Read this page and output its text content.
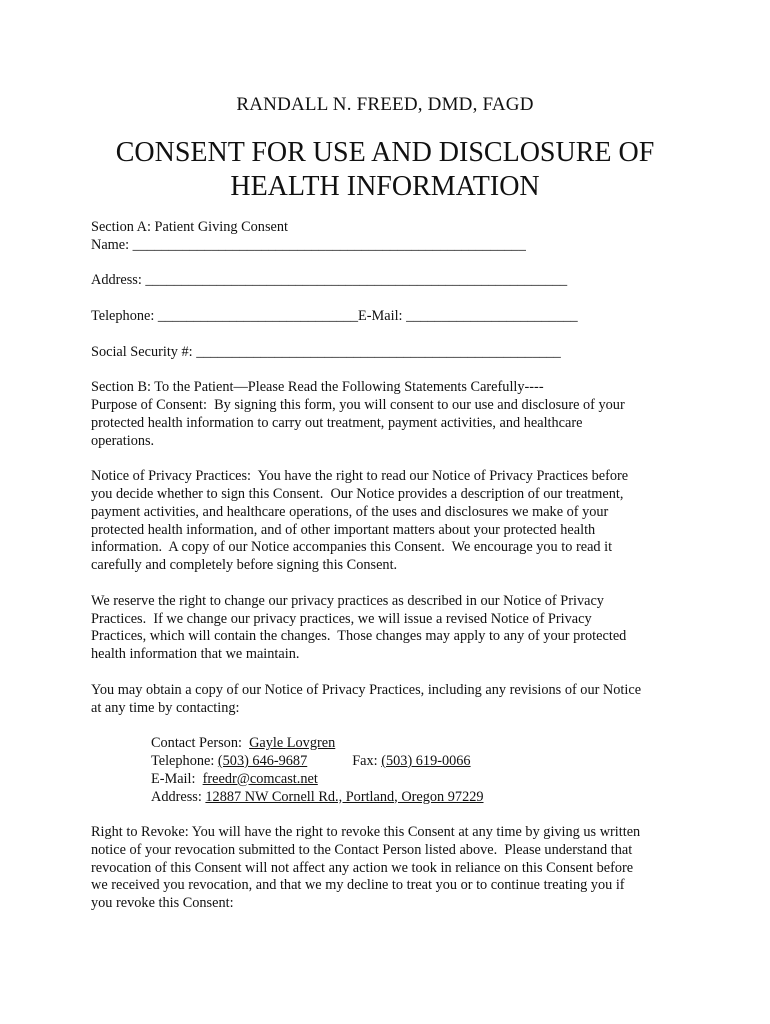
RANDALL N. FREED, DMD, FAGD
CONSENT FOR USE AND DISCLOSURE OF
HEALTH INFORMATION
Section A: Patient Giving Consent
Name: _______________________________________________________
Address: ___________________________________________________________
Telephone: ____________________________E-Mail: ________________________
Social Security #: ___________________________________________________
Section B: To the Patient—Please Read the Following Statements Carefully----
Purpose of Consent:  By signing this form, you will consent to our use and disclosure of your
protected health information to carry out treatment, payment activities, and healthcare
operations.
Notice of Privacy Practices:  You have the right to read our Notice of Privacy Practices before
you decide whether to sign this Consent.  Our Notice provides a description of our treatment,
payment activities, and healthcare operations, of the uses and disclosures we make of your
protected health information, and of other important matters about your protected health
information.  A copy of our Notice accompanies this Consent.  We encourage you to read it
carefully and completely before signing this Consent.
We reserve the right to change our privacy practices as described in our Notice of Privacy
Practices.  If we change our privacy practices, we will issue a revised Notice of Privacy
Practices, which will contain the changes.  Those changes may apply to any of your protected
health information that we maintain.
You may obtain a copy of our Notice of Privacy Practices, including any revisions of our Notice
at any time by contacting:
Contact Person:  Gayle Lovgren
Telephone: (503) 646-9687	Fax: (503) 619-0066
E-Mail:  freedr@comcast.net
Address: 12887 NW Cornell Rd., Portland, Oregon 97229
Right to Revoke: You will have the right to revoke this Consent at any time by giving us written
notice of your revocation submitted to the Contact Person listed above.  Please understand that
revocation of this Consent will not affect any action we took in reliance on this Consent before
we received you revocation, and that we my decline to treat you or to continue treating you if
you revoke this Consent:
